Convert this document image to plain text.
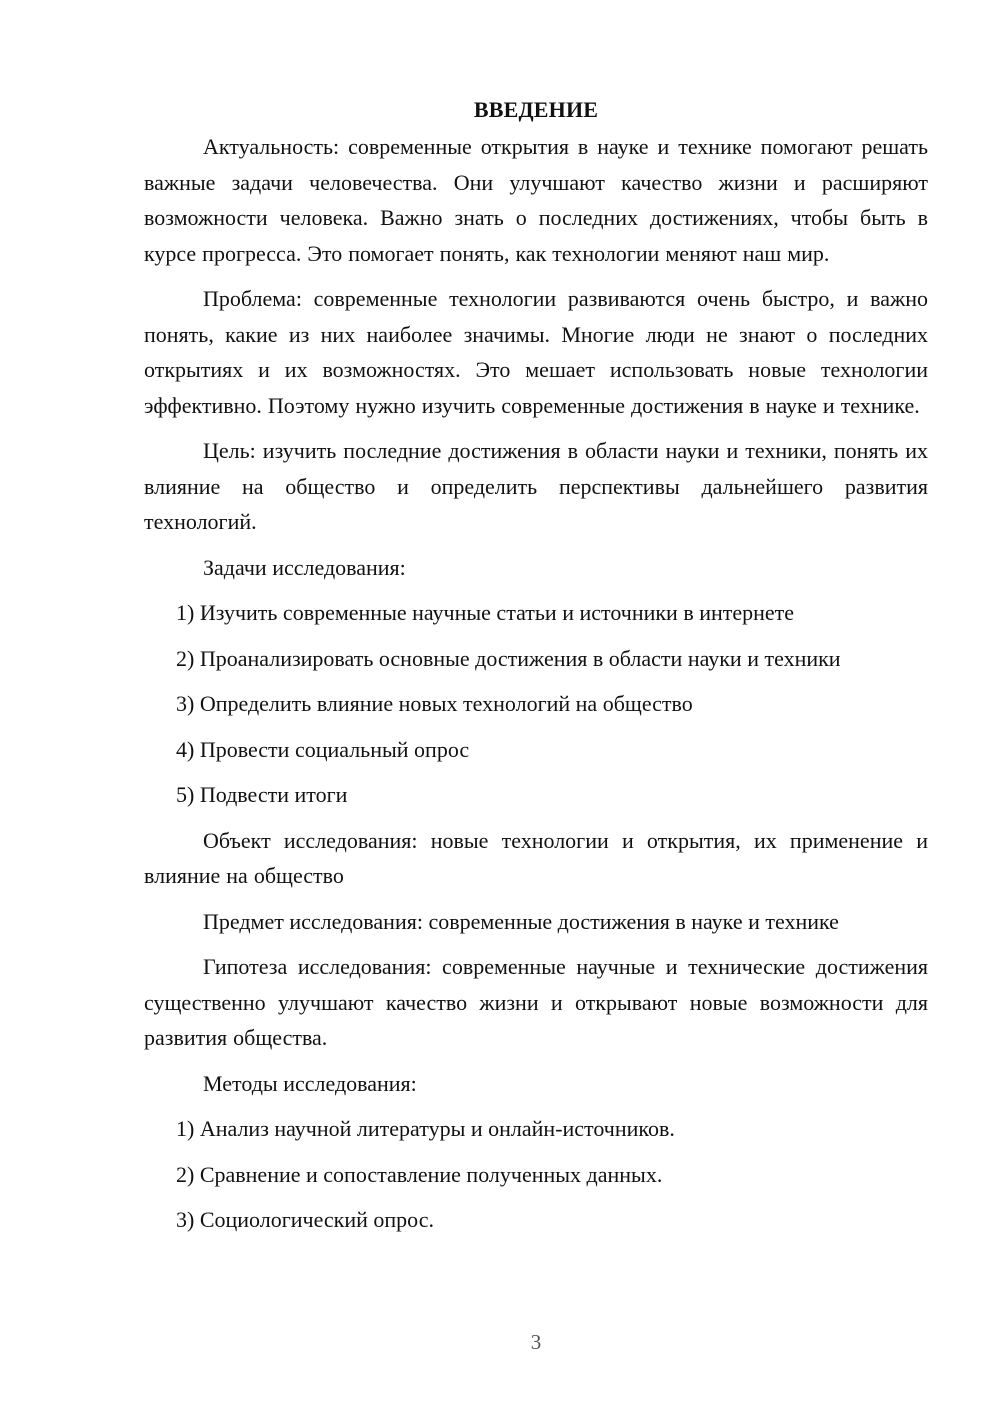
ВВЕДЕНИЕ

Актуальность: современные открытия в науке и технике помогают решать важные задачи человечества. Они улучшают качество жизни и расширяют возможности человека. Важно знать о последних достижениях, чтобы быть в курсе прогресса. Это помогает понять, как технологии меняют наш мир.

Проблема: современные технологии развиваются очень быстро, и важно понять, какие из них наиболее значимы. Многие люди не знают о последних открытиях и их возможностях. Это мешает использовать новые технологии эффективно. Поэтому нужно изучить современные достижения в науке и технике.

Цель: изучить последние достижения в области науки и техники, понять их влияние на общество и определить перспективы дальнейшего развития технологий.

Задачи исследования:
1) Изучить современные научные статьи и источники в интернете
2) Проанализировать основные достижения в области науки и техники
3) Определить влияние новых технологий на общество
4) Провести социальный опрос
5) Подвести итоги

Объект исследования: новые технологии и открытия, их применение и влияние на общество

Предмет исследования: современные достижения в науке и технике

Гипотеза исследования: современные научные и технические достижения существенно улучшают качество жизни и открывают новые возможности для развития общества.

Методы исследования:
1) Анализ научной литературы и онлайн-источников.
2) Сравнение и сопоставление полученных данных.
3) Социологический опрос.
3
